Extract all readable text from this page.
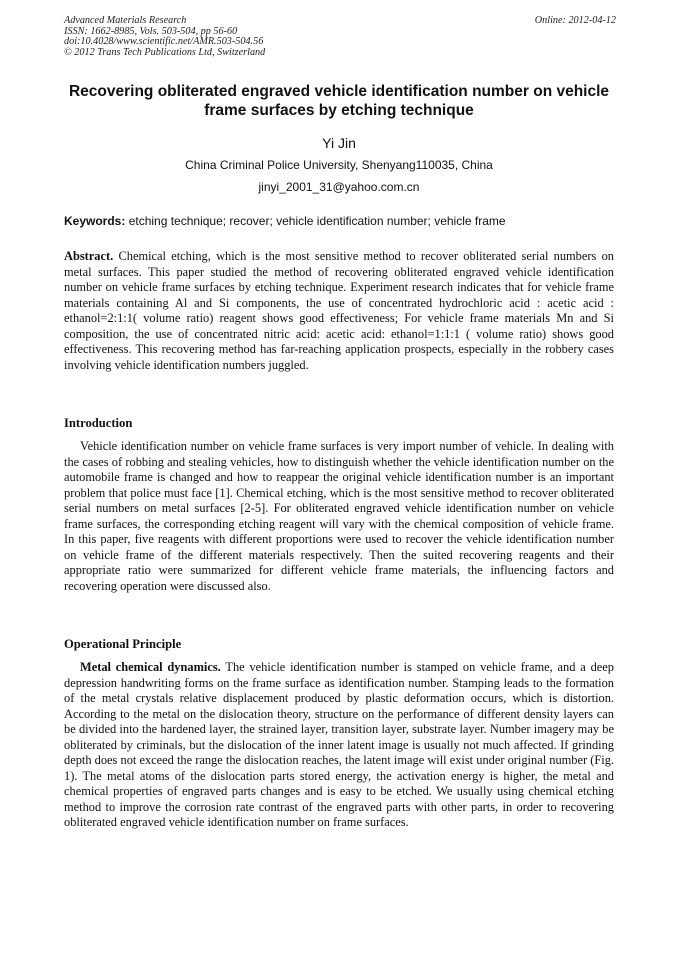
Advanced Materials Research
ISSN: 1662-8985, Vols. 503-504, pp 56-60
doi:10.4028/www.scientific.net/AMR.503-504.56
© 2012 Trans Tech Publications Ltd, Switzerland
Online: 2012-04-12
Recovering obliterated engraved vehicle identification number on vehicle frame surfaces by etching technique
Yi Jin
China Criminal Police University, Shenyang110035, China
jinyi_2001_31@yahoo.com.cn
Keywords: etching technique; recover; vehicle identification number; vehicle frame
Abstract. Chemical etching, which is the most sensitive method to recover obliterated serial numbers on metal surfaces. This paper studied the method of recovering obliterated engraved vehicle identification number on vehicle frame surfaces by etching technique. Experiment research indicates that for vehicle frame materials containing Al and Si components, the use of concentrated hydrochloric acid : acetic acid : ethanol=2:1:1( volume ratio) reagent shows good effectiveness; For vehicle frame materials Mn and Si composition, the use of concentrated nitric acid: acetic acid: ethanol=1:1:1 ( volume ratio) shows good effectiveness. This recovering method has far-reaching application prospects, especially in the robbery cases involving vehicle identification numbers juggled.
Introduction
Vehicle identification number on vehicle frame surfaces is very import number of vehicle. In dealing with the cases of robbing and stealing vehicles, how to distinguish whether the vehicle identification number on the automobile frame is changed and how to reappear the original vehicle identification number is an important problem that police must face [1]. Chemical etching, which is the most sensitive method to recover obliterated serial numbers on metal surfaces [2-5]. For obliterated engraved vehicle identification number on vehicle frame surfaces, the corresponding etching reagent will vary with the chemical composition of vehicle frame. In this paper, five reagents with different proportions were used to recover the vehicle identification number on vehicle frame of the different materials respectively. Then the suited recovering reagents and their appropriate ratio were summarized for different vehicle frame materials, the influencing factors and recovering operation were discussed also.
Operational Principle
Metal chemical dynamics. The vehicle identification number is stamped on vehicle frame, and a deep depression handwriting forms on the frame surface as identification number. Stamping leads to the formation of the metal crystals relative displacement produced by plastic deformation occurs, which is distortion. According to the metal on the dislocation theory, structure on the performance of different density layers can be divided into the hardened layer, the strained layer, transition layer, substrate layer. Number imagery may be obliterated by criminals, but the dislocation of the inner latent image is usually not much affected. If grinding depth does not exceed the range the dislocation reaches, the latent image will exist under original number (Fig. 1). The metal atoms of the dislocation parts stored energy, the activation energy is higher, the metal and chemical properties of engraved parts changes and is easy to be etched. We usually using chemical etching method to improve the corrosion rate contrast of the engraved parts with other parts, in order to recovering obliterated engraved vehicle identification number on frame surfaces.
